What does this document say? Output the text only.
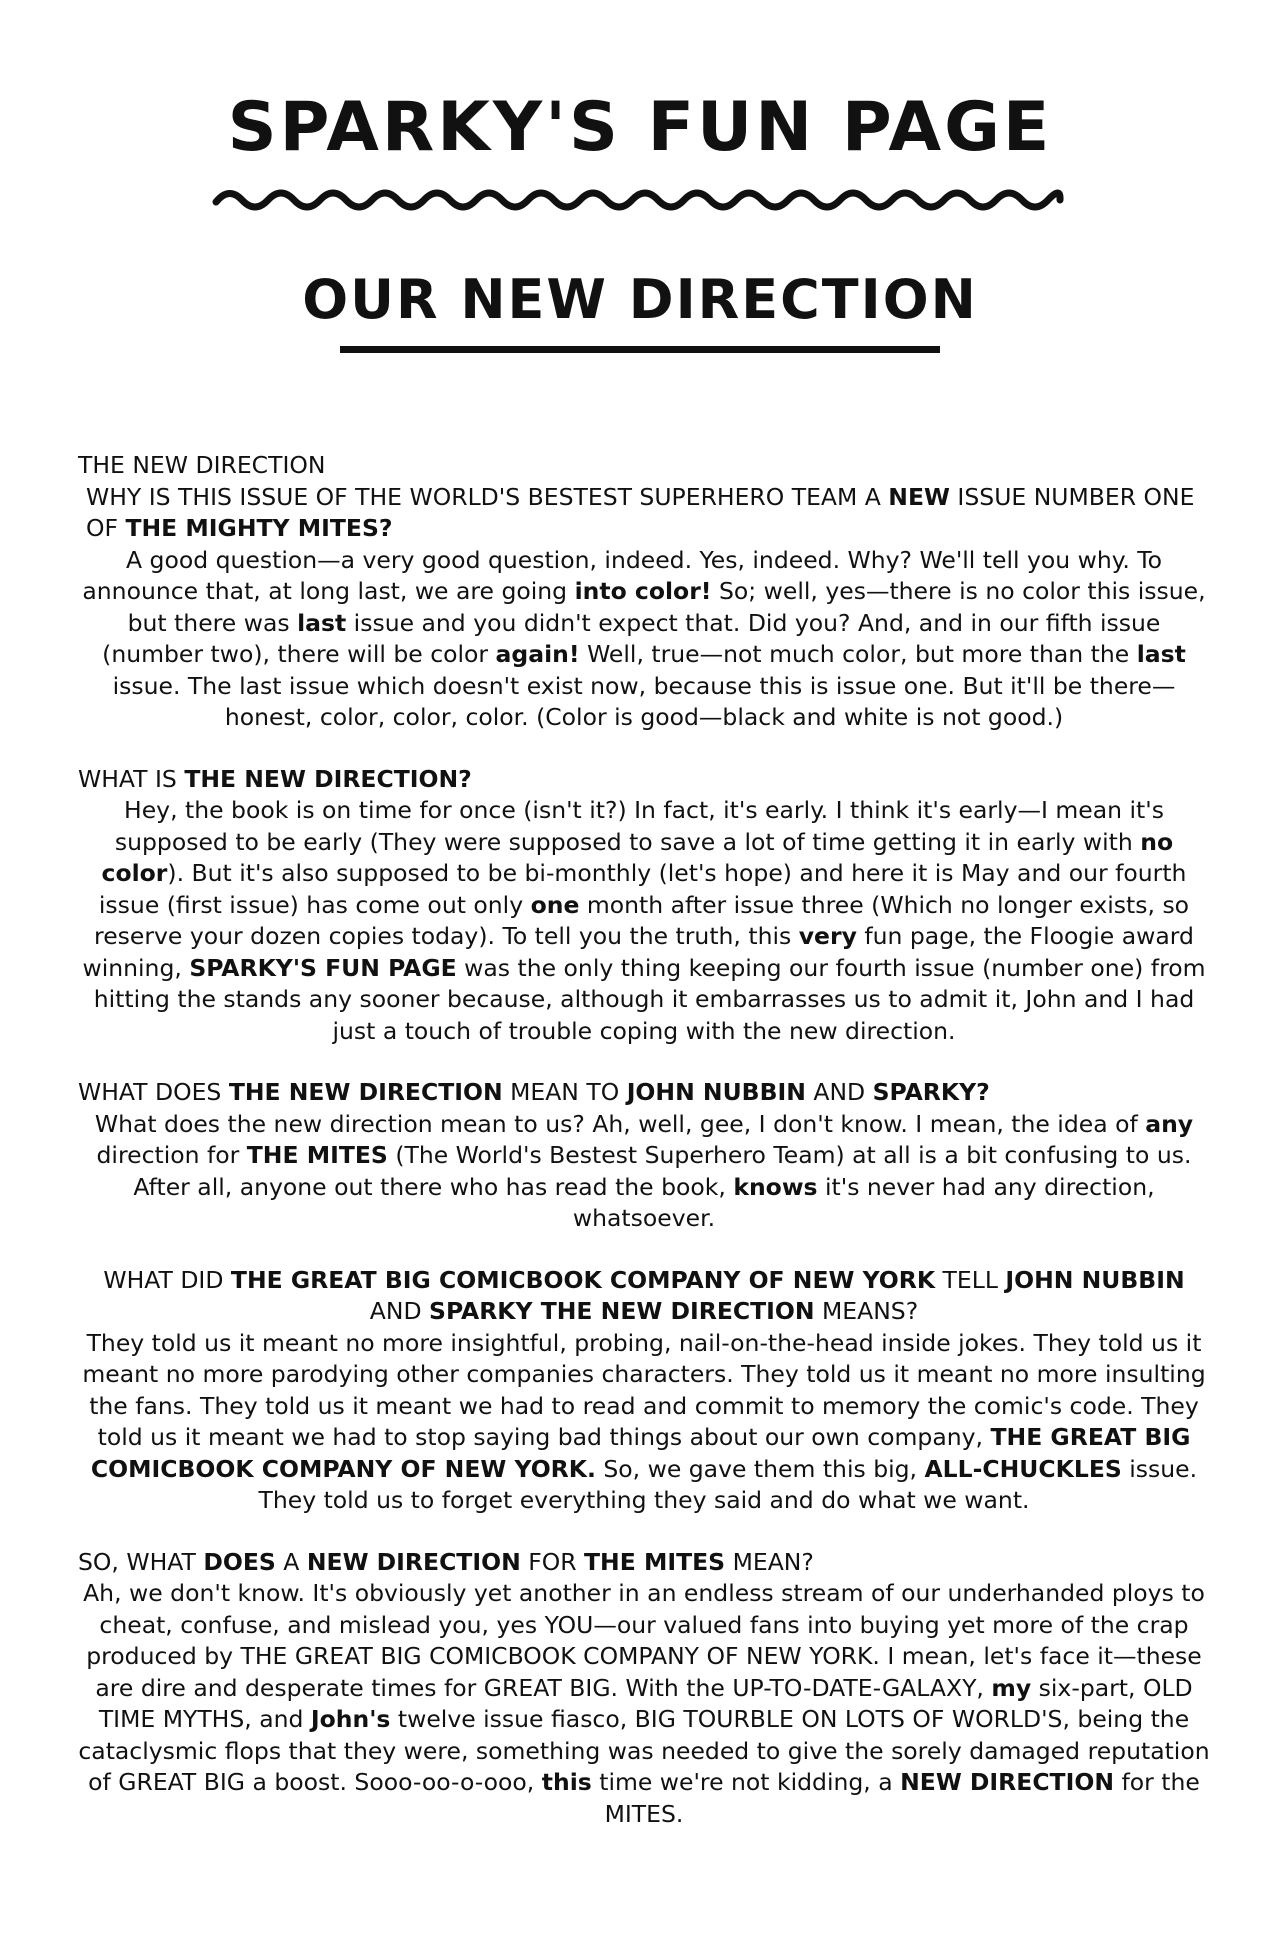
SPARKY'S FUN PAGE
OUR NEW DIRECTION

THE NEW DIRECTION

WHY IS THIS ISSUE OF THE WORLD'S BESTEST SUPERHERO TEAM A NEW ISSUE NUMBER ONE OF THE MIGHTY MITES?

A good question—a very good question, indeed. Yes, indeed. Why? We'll tell you why. To announce that, at long last, we are going into color! So; well, yes—there is no color this issue, but there was last issue and you didn't expect that. Did you? And, and in our fifth issue (number two), there will be color again! Well, true—not much color, but more than the last issue. The last issue which doesn't exist now, because this is issue one. But it'll be there—honest, color, color, color. (Color is good—black and white is not good.)

WHAT IS THE NEW DIRECTION?

Hey, the book is on time for once (isn't it?) In fact, it's early. I think it's early—I mean it's supposed to be early (They were supposed to save a lot of time getting it in early with no color). But it's also supposed to be bi-monthly (let's hope) and here it is May and our fourth issue (first issue) has come out only one month after issue three (Which no longer exists, so reserve your dozen copies today). To tell you the truth, this very fun page, the Floogie award winning, SPARKY'S FUN PAGE was the only thing keeping our fourth issue (number one) from hitting the stands any sooner because, although it embarrasses us to admit it, John and I had just a touch of trouble coping with the new direction.

WHAT DOES THE NEW DIRECTION MEAN TO JOHN NUBBIN AND SPARKY?

What does the new direction mean to us? Ah, well, gee, I don't know. I mean, the idea of any direction for THE MITES (The World's Bestest Superhero Team) at all is a bit confusing to us. After all, anyone out there who has read the book, knows it's never had any direction, whatsoever.

WHAT DID THE GREAT BIG COMICBOOK COMPANY OF NEW YORK TELL JOHN NUBBIN AND SPARKY THE NEW DIRECTION MEANS?

They told us it meant no more insightful, probing, nail-on-the-head inside jokes. They told us it meant no more parodying other companies characters. They told us it meant no more insulting the fans. They told us it meant we had to read and commit to memory the comic's code. They told us it meant we had to stop saying bad things about our own company, THE GREAT BIG COMICBOOK COMPANY OF NEW YORK. So, we gave them this big, ALL-CHUCKLES issue. They told us to forget everything they said and do what we want.

SO, WHAT DOES A NEW DIRECTION FOR THE MITES MEAN?

Ah, we don't know. It's obviously yet another in an endless stream of our underhanded ploys to cheat, confuse, and mislead you, yes YOU—our valued fans into buying yet more of the crap produced by THE GREAT BIG COMICBOOK COMPANY OF NEW YORK. I mean, let's face it—these are dire and desperate times for GREAT BIG. With the UP-TO-DATE-GALAXY, my six-part, OLD TIME MYTHS, and John's twelve issue fiasco, BIG TOURBLE ON LOTS OF WORLD'S, being the cataclysmic flops that they were, something was needed to give the sorely damaged reputation of GREAT BIG a boost. Sooo-oo-o-ooo, this time we're not kidding, a NEW DIRECTION for the MITES.
